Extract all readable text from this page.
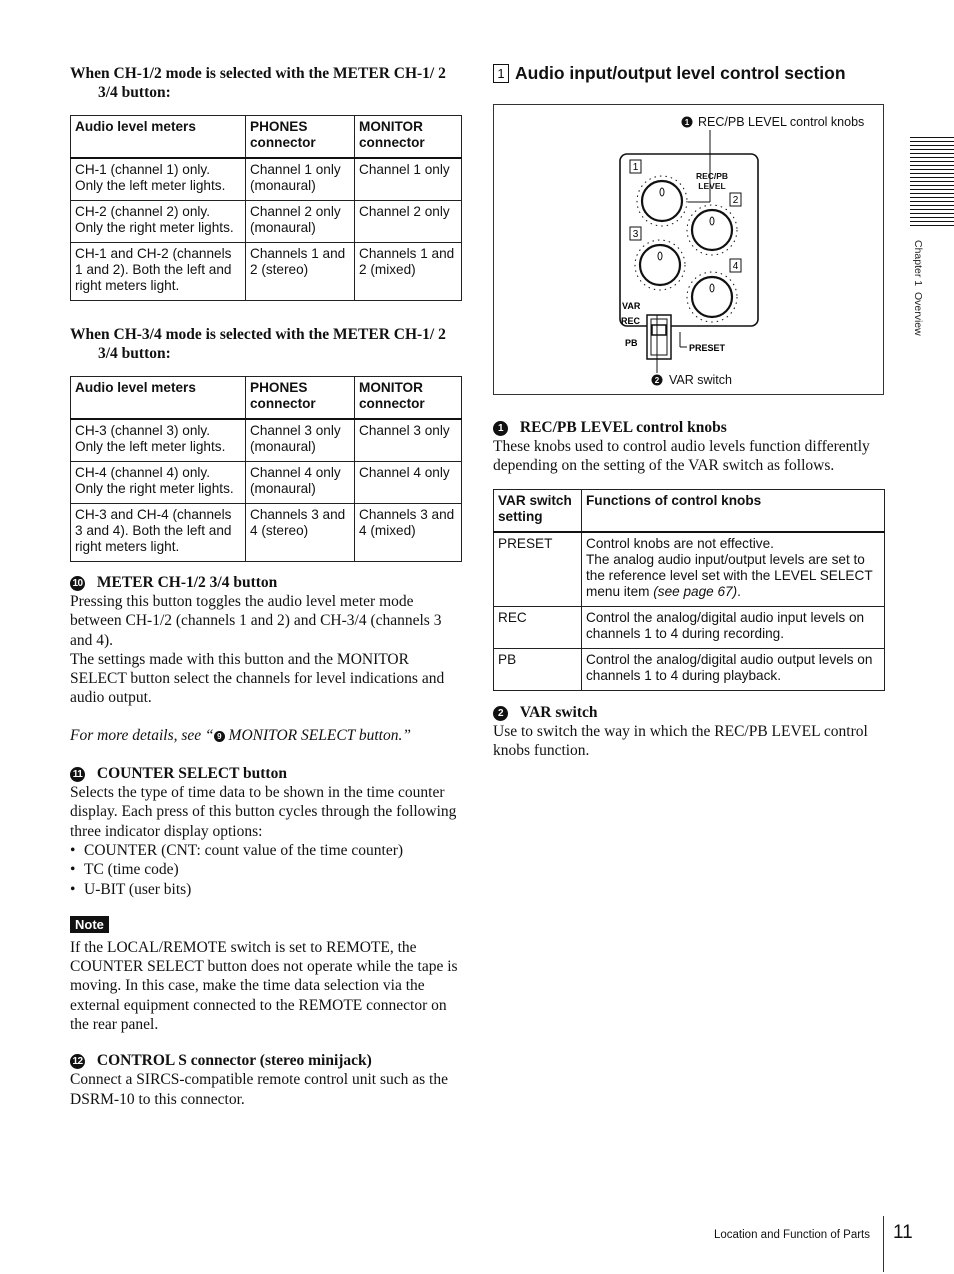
When CH-1/2 mode is selected with the METER CH-1/ 2 3/4 button:
Audio level meters	PHONES connector	MONITOR connector
CH-1 (channel 1) only. Only the left meter lights.	Channel 1 only (monaural)	Channel 1 only
CH-2 (channel 2) only. Only the right meter lights.	Channel 2 only (monaural)	Channel 2 only
CH-1 and CH-2 (channels 1 and 2). Both the left and right meters light.	Channels 1 and 2 (stereo)	Channels 1 and 2 (mixed)
When CH-3/4 mode is selected with the METER CH-1/ 2 3/4 button:
Audio level meters	PHONES connector	MONITOR connector
CH-3 (channel 3) only. Only the left meter lights.	Channel 3 only (monaural)	Channel 3 only
CH-4 (channel 4) only. Only the right meter lights.	Channel 4 only (monaural)	Channel 4 only
CH-3 and CH-4 (channels 3 and 4). Both the left and right meters light.	Channels 3 and 4 (stereo)	Channels 3 and 4 (mixed)
10 METER CH-1/2 3/4 button
Pressing this button toggles the audio level meter mode between CH-1/2 (channels 1 and 2) and CH-3/4 (channels 3 and 4).
The settings made with this button and the MONITOR SELECT button select the channels for level indications and audio output.
For more details, see “ 9 MONITOR SELECT button.”
11 COUNTER SELECT button
Selects the type of time data to be shown in the time counter display. Each press of this button cycles through the following three indicator display options:
• COUNTER (CNT: count value of the time counter)
• TC (time code)
• U-BIT (user bits)
Note
If the LOCAL/REMOTE switch is set to REMOTE, the COUNTER SELECT button does not operate while the tape is moving. In this case, make the time data selection via the external equipment connected to the REMOTE connector on the rear panel.
12 CONTROL S connector (stereo minijack)
Connect a SIRCS-compatible remote control unit such as the DSRM-10 to this connector.
1 Audio input/output level control section
1 REC/PB LEVEL control knobs
REC/PB
LEVEL
REC/PB LEVEL
1
2
3
4
VAR
REC
PB	PRESET
2 VAR switch
1 REC/PB LEVEL control knobs
These knobs used to control audio levels function differently depending on the setting of the VAR switch as follows.
VAR switch setting	Functions of control knobs
PRESET	Control knobs are not effective.
The analog audio input/output levels are set to the reference level set with the LEVEL SELECT menu item (see page 67).

REC	Control the analog/digital audio input levels on channels 1 to 4 during recording.
PB	Control the analog/digital audio output levels on channels 1 to 4 during playback.
2 VAR switch
Use to switch the way in which the REC/PB LEVEL control knobs function.
Chapter 1  Overview
Location and Function of Parts 11
